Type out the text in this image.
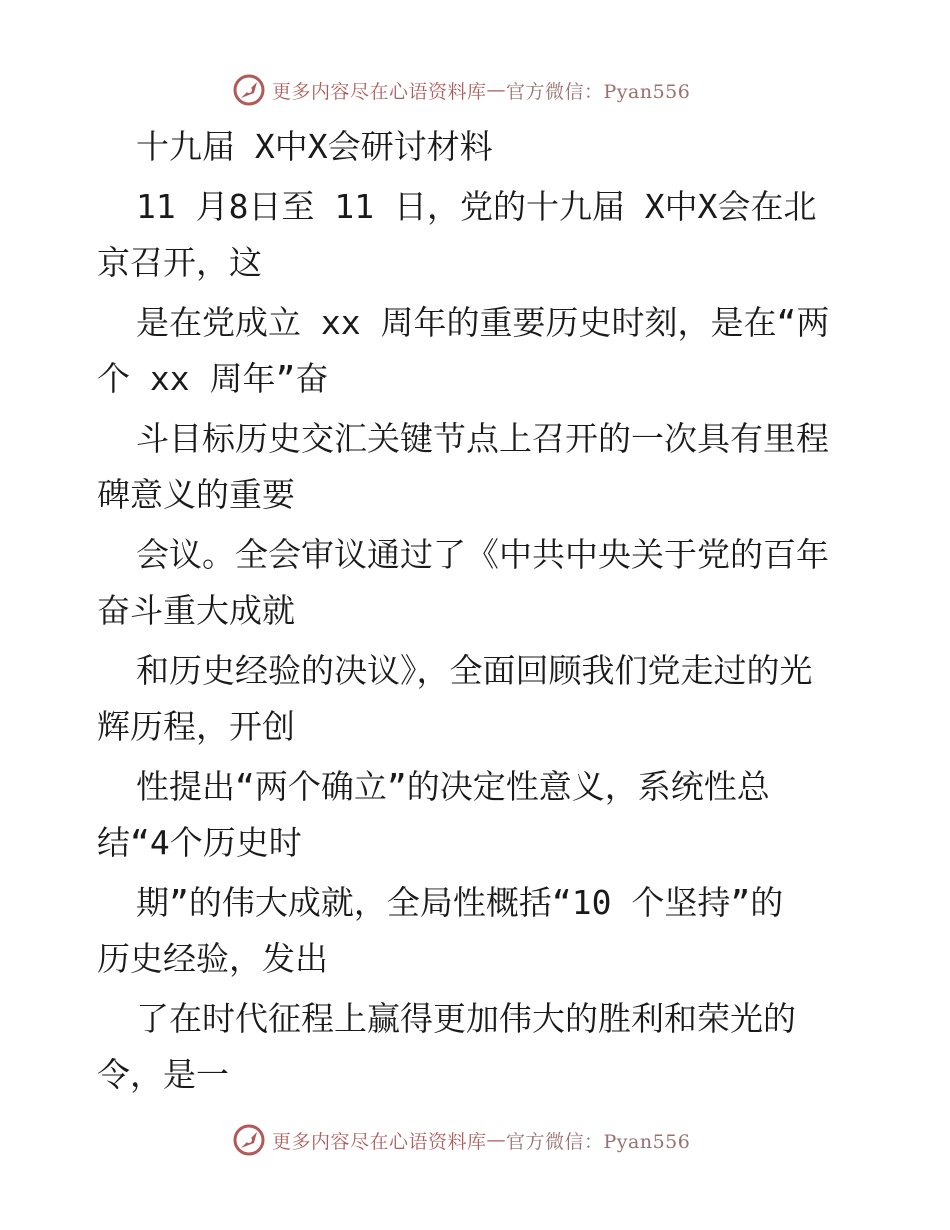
更多内容尽在心语资料库 — 官方微信：Pyan556
十九届 X中X会研讨材料
11 月8日至 11 日，党的十九届 X中X会在北
京召开，这
是在党成立 xx 周年的重要历史时刻，是在“两
个 xx 周年”奋
斗目标历史交汇关键节点上召开的一次具有里程
碑意义的重要
会议。全会审议通过了《中共中央关于党的百年
奋斗重大成就
和历史经验的决议》，全面回顾我们党走过的光
辉历程，开创
性提出“两个确立”的决定性意义，系统性总
结“4个历史时
期”的伟大成就，全局性概括“10 个坚持”的
历史经验，发出
了在时代征程上赢得更加伟大的胜利和荣光的
令，是一
更多内容尽在心语资料库 — 官方微信：Pyan556
